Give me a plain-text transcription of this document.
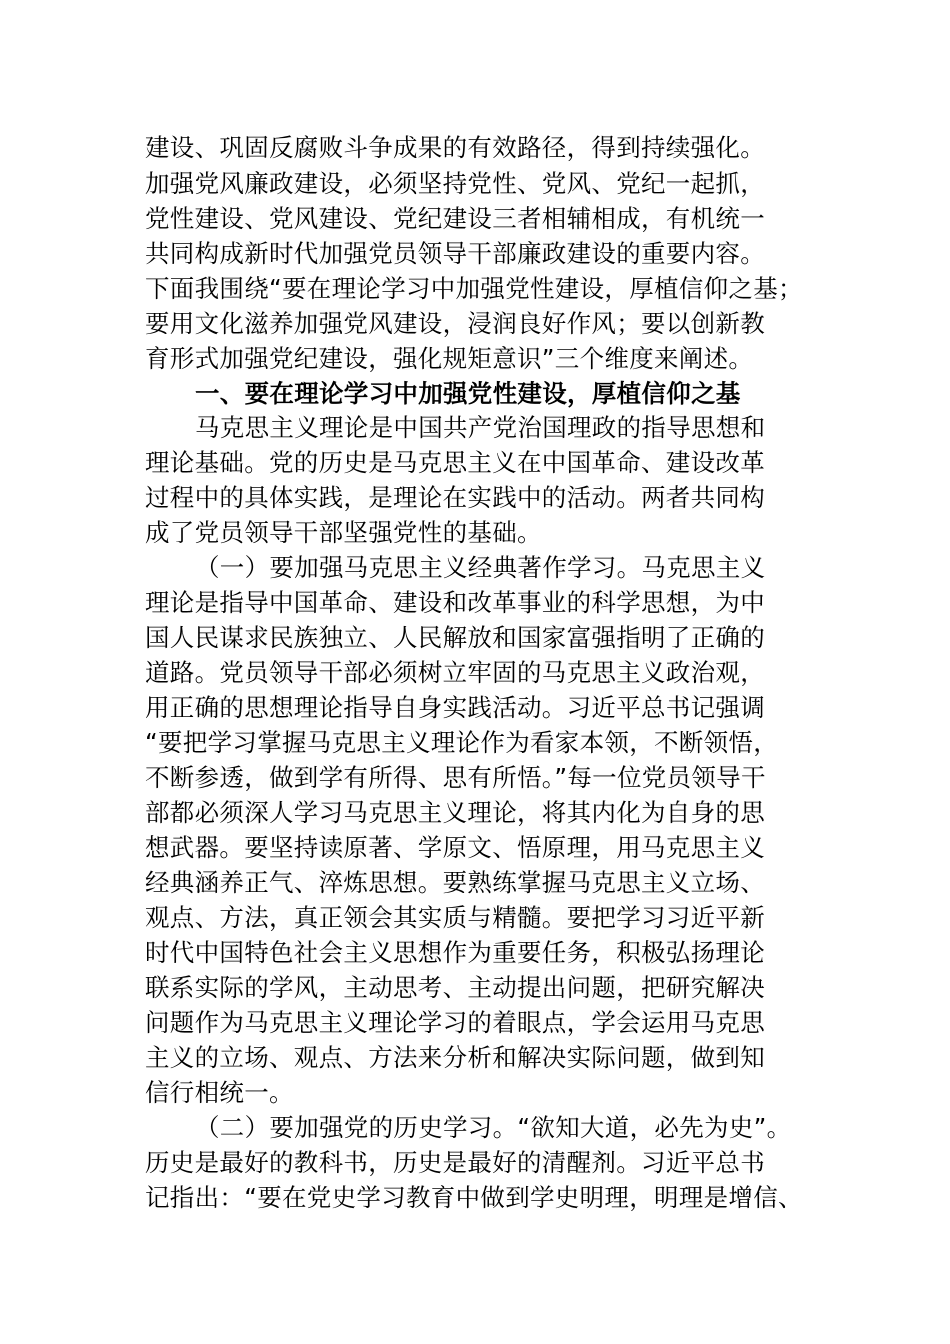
建设、巩固反腐败斗争成果的有效路径，得到持续强化。
加强党风廉政建设，必须坚持党性、党风、党纪一起抓，
党性建设、党风建设、党纪建设三者相辅相成，有机统一
共同构成新时代加强党员领导干部廉政建设的重要内容。
下面我围绕“要在理论学习中加强党性建设，厚植信仰之基；
要用文化滋养加强党风建设，浸润良好作风；要以创新教
育形式加强党纪建设，强化规矩意识”三个维度来阐述。
一、要在理论学习中加强党性建设，厚植信仰之基
马克思主义理论是中国共产党治国理政的指导思想和
理论基础。党的历史是马克思主义在中国革命、建设改革
过程中的具体实践，是理论在实践中的活动。两者共同构
成了党员领导干部坚强党性的基础。
（一）要加强马克思主义经典著作学习。马克思主义
理论是指导中国革命、建设和改革事业的科学思想，为中
国人民谋求民族独立、人民解放和国家富强指明了正确的
道路。党员领导干部必须树立牢固的马克思主义政治观，
用正确的思想理论指导自身实践活动。习近平总书记强调
“要把学习掌握马克思主义理论作为看家本领，不断领悟，
不断参透，做到学有所得、思有所悟。”每一位党员领导干
部都必须深人学习马克思主义理论，将其内化为自身的思
想武器。要坚持读原著、学原文、悟原理，用马克思主义
经典涵养正气、淬炼思想。要熟练掌握马克思主义立场、
观点、方法，真正领会其实质与精髓。要把学习习近平新
时代中国特色社会主义思想作为重要任务，积极弘扬理论
联系实际的学风，主动思考、主动提出问题，把研究解决
问题作为马克思主义理论学习的着眼点，学会运用马克思
主义的立场、观点、方法来分析和解决实际问题，做到知
信行相统一。
（二）要加强党的历史学习。“欲知大道，必先为史”。
历史是最好的教科书，历史是最好的清醒剂。习近平总书
记指出：“要在党史学习教育中做到学史明理，明理是增信、
